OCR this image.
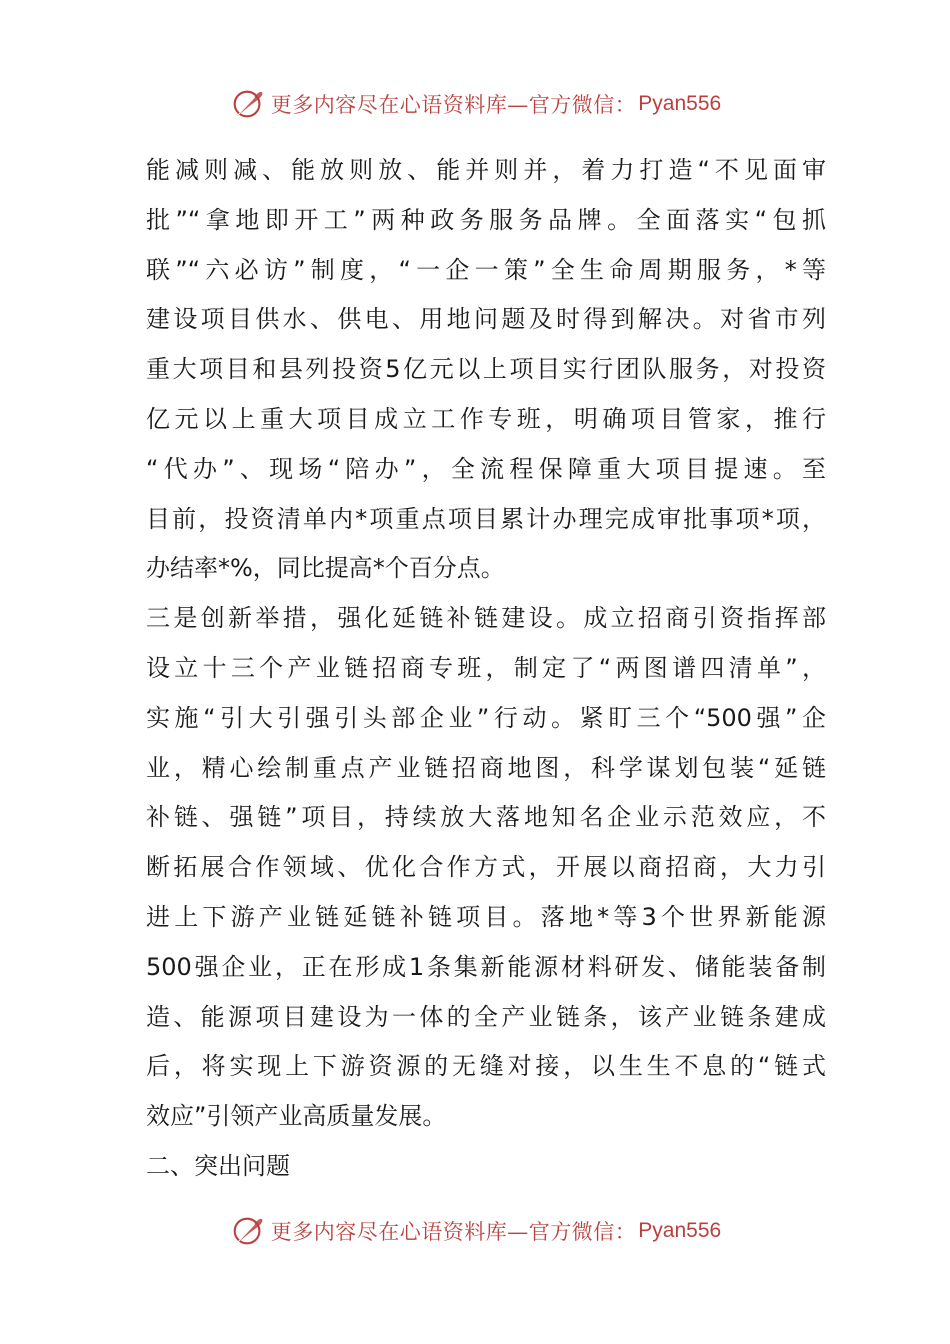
更多内容尽在心语资料库—官方微信： Pyan556
能减则减、能放则放、能并则并，着力打造“不见面审
批”“拿地即开工”两种政务服务品牌。全面落实“包抓
联”“六必访”制度，“一企一策”全生命周期服务，*等
建设项目供水、供电、用地问题及时得到解决。对省市列
重大项目和县列投资5亿元以上项目实行团队服务，对投资
亿元以上重大项目成立工作专班，明确项目管家，推行
“代办”、现场“陪办”，全流程保障重大项目提速。至
目前，投资清单内*项重点项目累计办理完成审批事项*项，
办结率*%，同比提高*个百分点。
三是创新举措，强化延链补链建设。成立招商引资指挥部
设立十三个产业链招商专班，制定了“两图谱四清单”，
实施“引大引强引头部企业”行动。紧盯三个“500强”企
业，精心绘制重点产业链招商地图，科学谋划包装“延链
补链、强链”项目，持续放大落地知名企业示范效应，不
断拓展合作领域、优化合作方式，开展以商招商，大力引
进上下游产业链延链补链项目。落地*等3个世界新能源
500强企业，正在形成1条集新能源材料研发、储能装备制
造、能源项目建设为一体的全产业链条，该产业链条建成
后，将实现上下游资源的无缝对接，以生生不息的“链式
效应”引领产业高质量发展。
二、突出问题
更多内容尽在心语资料库—官方微信： Pyan556
